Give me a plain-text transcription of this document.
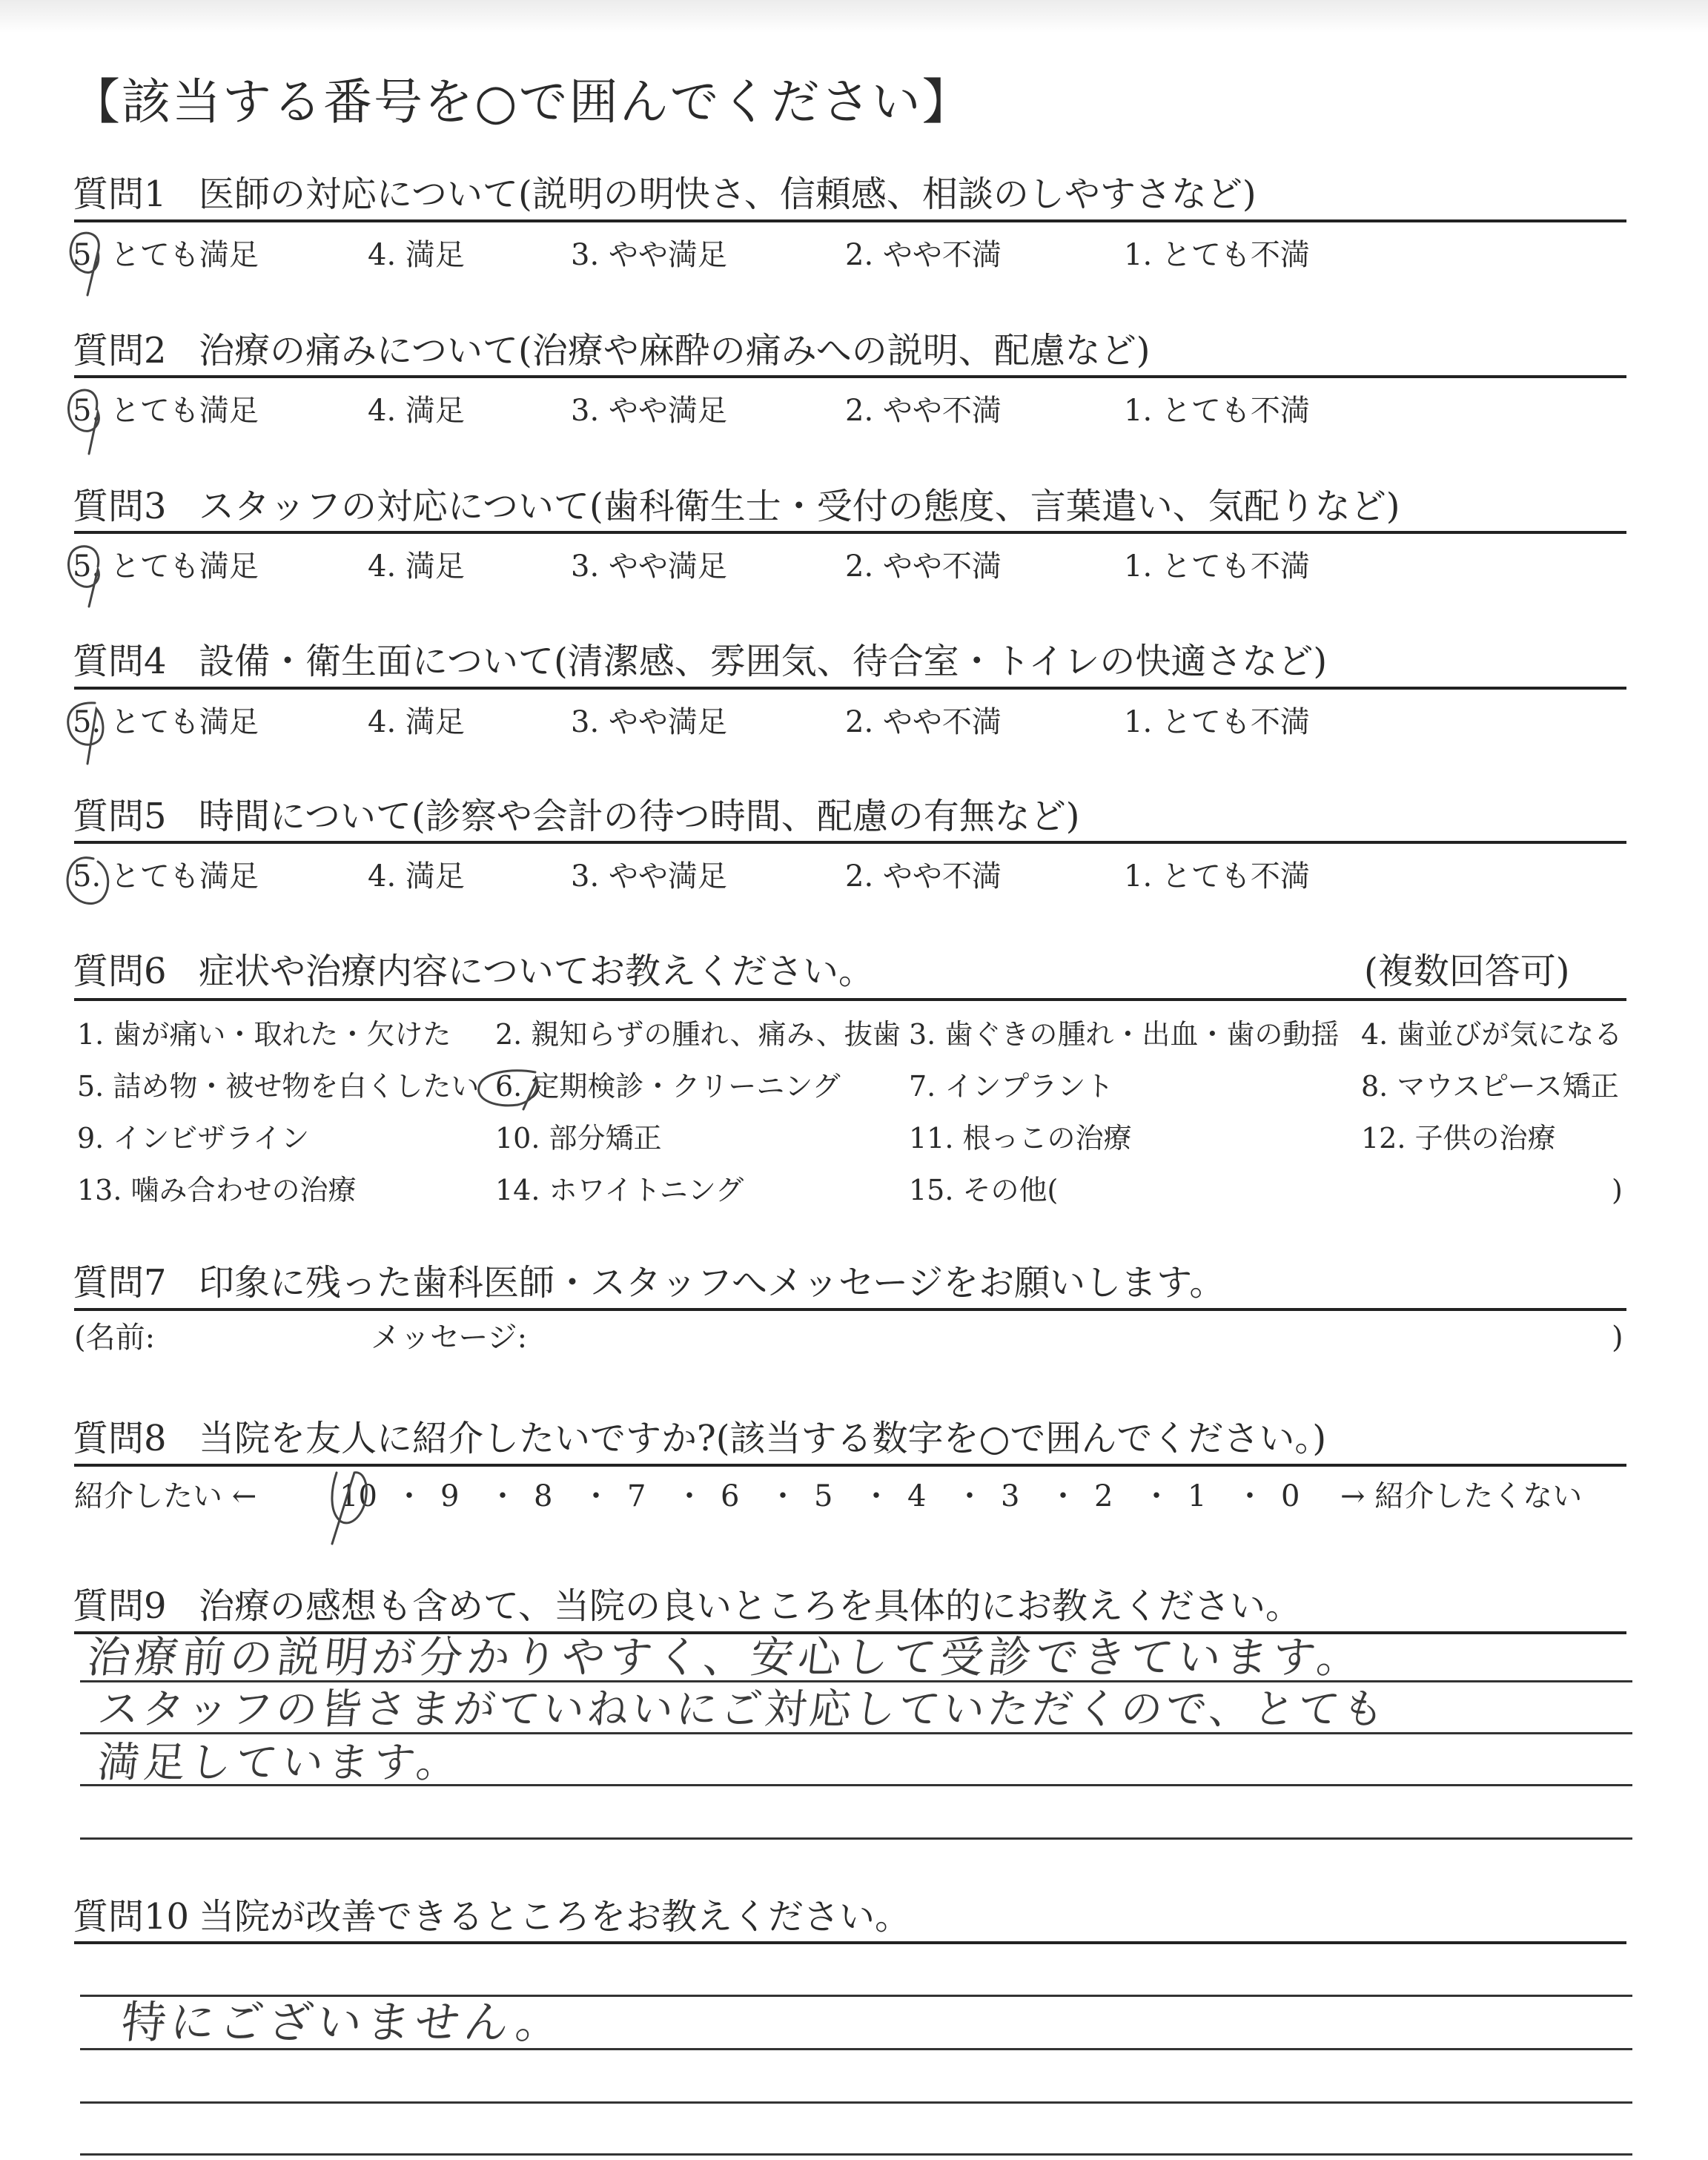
【該当する番号を○で囲んでください】
質問1 医師の対応について(説明の明快さ、信頼感、相談のしやすさなど)
5. とても満足	4. 満足	3. やや満足	2. やや不満	1. とても不満
質問2 治療の痛みについて(治療や麻酔の痛みへの説明、配慮など)
5. とても満足	4. 満足	3. やや満足	2. やや不満	1. とても不満
質問3 スタッフの対応について(歯科衛生士・受付の態度、言葉遣い、気配りなど)
5. とても満足	4. 満足	3. やや満足	2. やや不満	1. とても不満
質問4 設備・衛生面について(清潔感、雰囲気、待合室・トイレの快適さなど)
5. とても満足	4. 満足	3. やや満足	2. やや不満	1. とても不満
質問5 時間について(診察や会計の待つ時間、配慮の有無など)
5. とても満足	4. 満足	3. やや満足	2. やや不満	1. とても不満
質問6 症状や治療内容についてお教えください。	(複数回答可)
1. 歯が痛い・取れた・欠けた 2. 親知らずの腫れ、痛み、抜歯 3. 歯ぐきの腫れ・出血・歯の動揺 4. 歯並びが気になる
5. 詰め物・被せ物を白くしたい 6. 定期検診・クリーニング 7. インプラント	8. マウスピース矯正
9. インビザライン	10. 部分矯正	11. 根っこの治療	12. 子供の治療
13. 噛み合わせの治療	14. ホワイトニング	15. その他(	)
質問7 印象に残った歯科医師・スタッフへメッセージをお願いします。
(名前:	メッセージ:	)
質問8 当院を友人に紹介したいですか?(該当する数字を○で囲んでください。)
紹介したい ←	→ 紹介したくない
10 ・ 9 ・ 8 ・ 7 ・ 6 ・ 5 ・ 4 ・ 3 ・ 2 ・ 1 ・ 0
質問9 治療の感想も含めて、当院の良いところを具体的にお教えください。
治療前の説明が分かりやすく、安心して受診できています。
スタッフの皆さまがていねいにご対応していただくので、とても
満足しています。
質問10 当院が改善できるところをお教えください。
特にございません。
